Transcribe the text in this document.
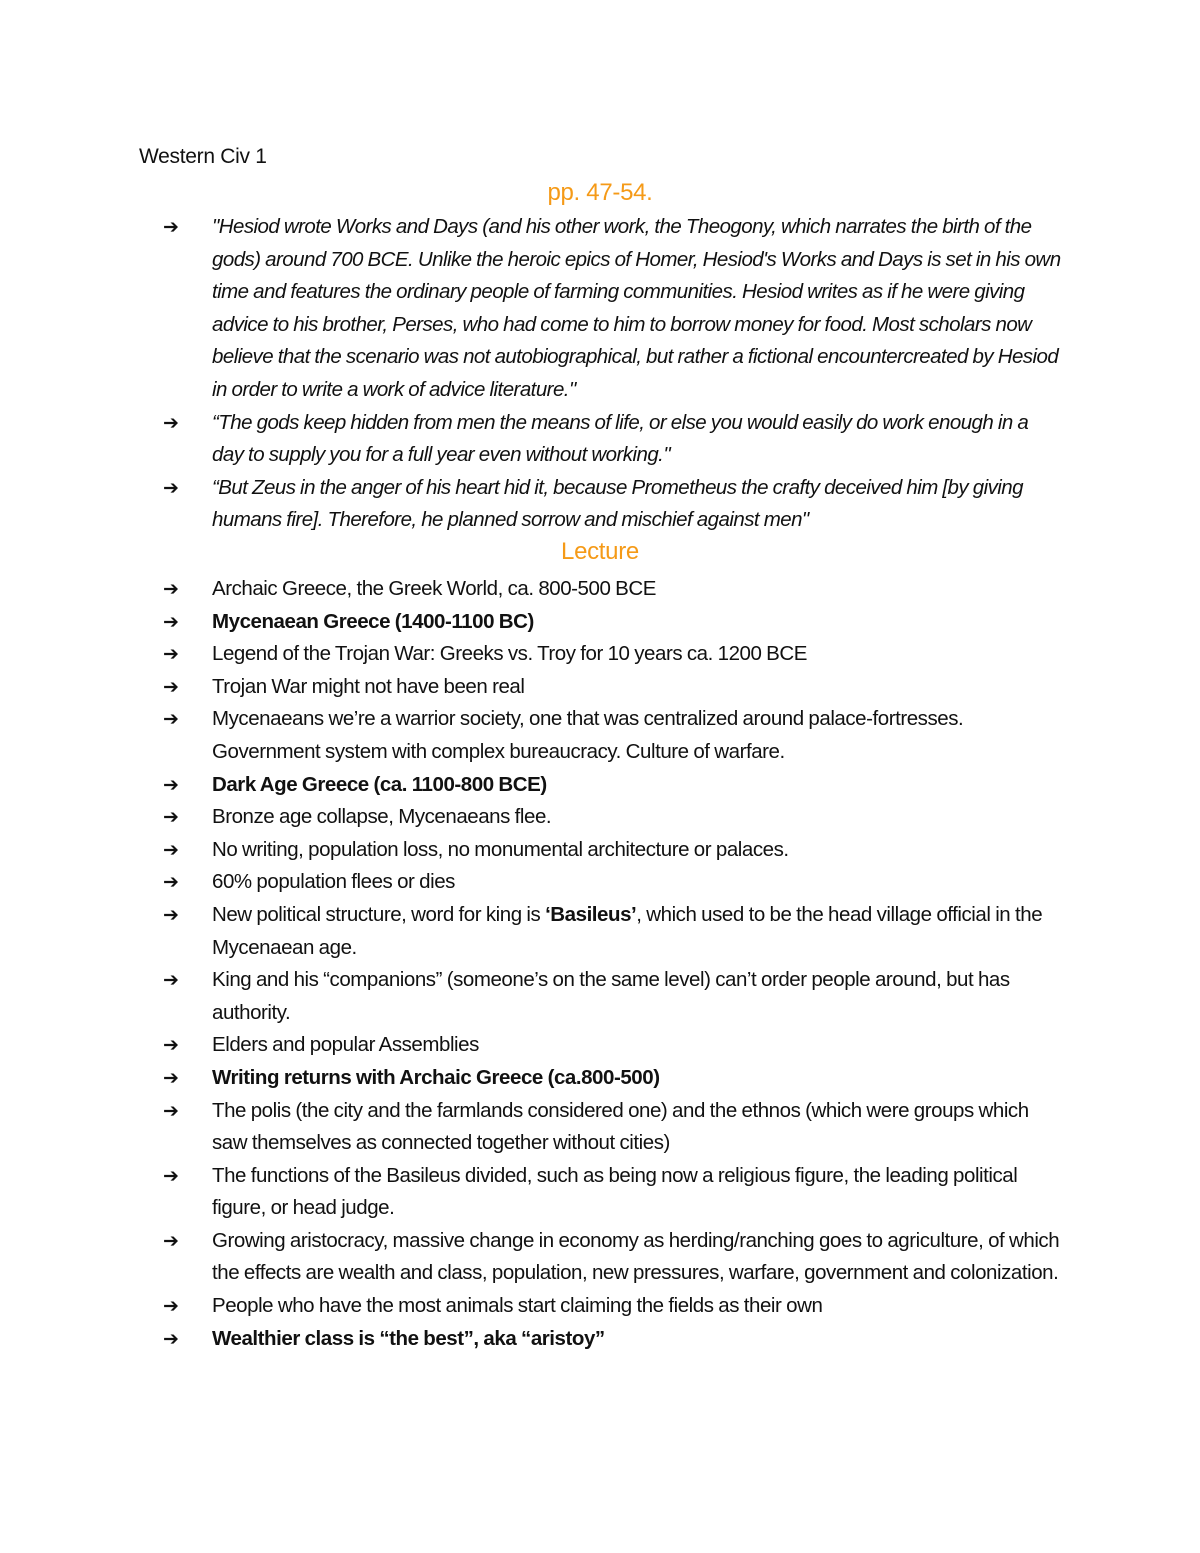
Western Civ 1
pp. 47-54.
➔ "Hesiod wrote Works and Days (and his other work, the Theogony, which narrates the birth of the gods) around 700 BCE. Unlike the heroic epics of Homer, Hesiod's Works and Days is set in his own time and features the ordinary people of farming communities. Hesiod writes as if he were giving advice to his brother, Perses, who had come to him to borrow money for food. Most scholars now believe that the scenario was not autobiographical, but rather a fictional encountercreated by Hesiod in order to write a work of advice literature."
➔ “The gods keep hidden from men the means of life, or else you would easily do work enough in a day to supply you for a full year even without working."
➔ “But Zeus in the anger of his heart hid it, because Prometheus the crafty deceived him [by giving humans fire]. Therefore, he planned sorrow and mischief against men"
Lecture
➔ Archaic Greece, the Greek World, ca. 800-500 BCE
➔ Mycenaean Greece (1400-1100 BC)
➔ Legend of the Trojan War: Greeks vs. Troy for 10 years ca. 1200 BCE
➔ Trojan War might not have been real
➔ Mycenaeans we’re a warrior society, one that was centralized around palace-fortresses. Government system with complex bureaucracy. Culture of warfare.
➔ Dark Age Greece (ca. 1100-800 BCE)
➔ Bronze age collapse, Mycenaeans flee.
➔ No writing, population loss, no monumental architecture or palaces.
➔ 60% population flees or dies
➔ New political structure, word for king is ‘Basileus’, which used to be the head village official in the Mycenaean age.
➔ King and his “companions” (someone’s on the same level) can’t order people around, but has authority.
➔ Elders and popular Assemblies
➔ Writing returns with Archaic Greece (ca.800-500)
➔ The polis (the city and the farmlands considered one) and the ethnos (which were groups which saw themselves as connected together without cities)
➔ The functions of the Basileus divided, such as being now a religious figure, the leading political figure, or head judge.
➔ Growing aristocracy, massive change in economy as herding/ranching goes to agriculture, of which the effects are wealth and class, population, new pressures, warfare, government and colonization.
➔ People who have the most animals start claiming the fields as their own
➔ Wealthier class is “the best”, aka “aristoy”
